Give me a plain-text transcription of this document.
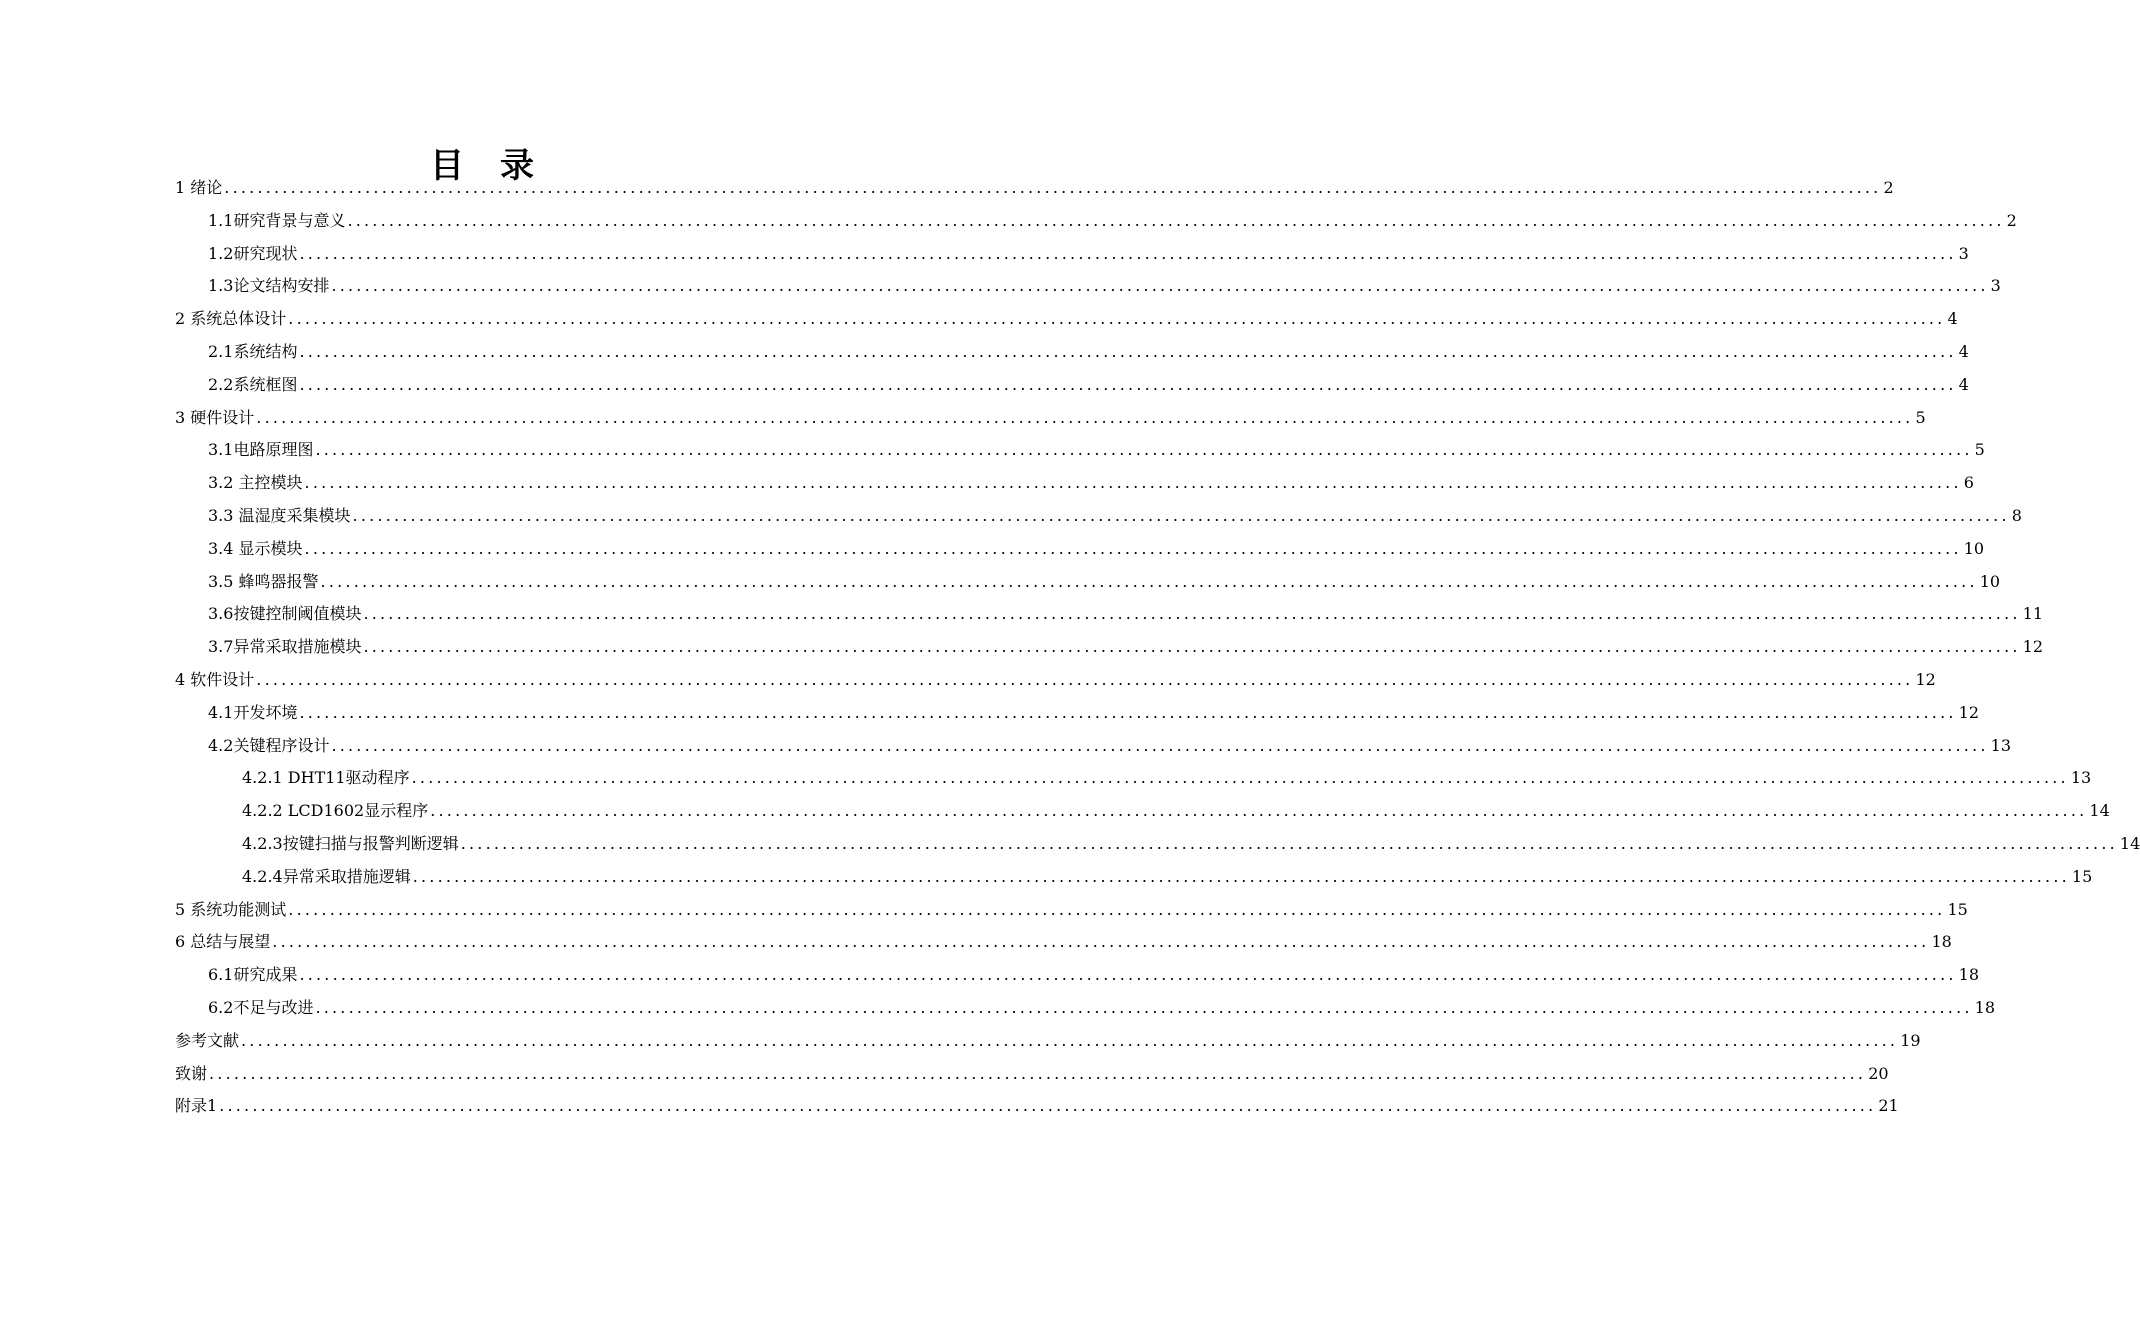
目录
1 绪论 ........................................................................................................................................................................................................ 2
1.1研究背景与意义 ........................................................................................................................................................................................................ 2
1.2研究现状 ........................................................................................................................................................................................................ 3
1.3论文结构安排 ........................................................................................................................................................................................................ 3
2 系统总体设计 ........................................................................................................................................................................................................ 4
2.1系统结构 ........................................................................................................................................................................................................ 4
2.2系统框图 ........................................................................................................................................................................................................ 4
3 硬件设计 ........................................................................................................................................................................................................ 5
3.1电路原理图 ........................................................................................................................................................................................................ 5
3.2 主控模块 ........................................................................................................................................................................................................ 6
3.3 温湿度采集模块 ........................................................................................................................................................................................................ 8
3.4 显示模块 ........................................................................................................................................................................................................ 10
3.5 蜂鸣器报警 ........................................................................................................................................................................................................ 10
3.6按键控制阈值模块 ........................................................................................................................................................................................................ 11
3.7异常采取措施模块 ........................................................................................................................................................................................................ 12
4 软件设计 ........................................................................................................................................................................................................ 12
4.1开发坏境 ........................................................................................................................................................................................................ 12
4.2关键程序设计 ........................................................................................................................................................................................................ 13
4.2.1 DHT11驱动程序 ........................................................................................................................................................................................................ 13
4.2.2 LCD1602显示程序 ........................................................................................................................................................................................................ 14
4.2.3按键扫描与报警判断逻辑 ........................................................................................................................................................................................................ 14
4.2.4异常采取措施逻辑 ........................................................................................................................................................................................................ 15
5 系统功能测试 ........................................................................................................................................................................................................ 15
6 总结与展望 ........................................................................................................................................................................................................ 18
6.1研究成果 ........................................................................................................................................................................................................ 18
6.2不足与改进 ........................................................................................................................................................................................................ 18
参考文献 ........................................................................................................................................................................................................ 19
致谢 ........................................................................................................................................................................................................ 20
附录1 ........................................................................................................................................................................................................ 21
